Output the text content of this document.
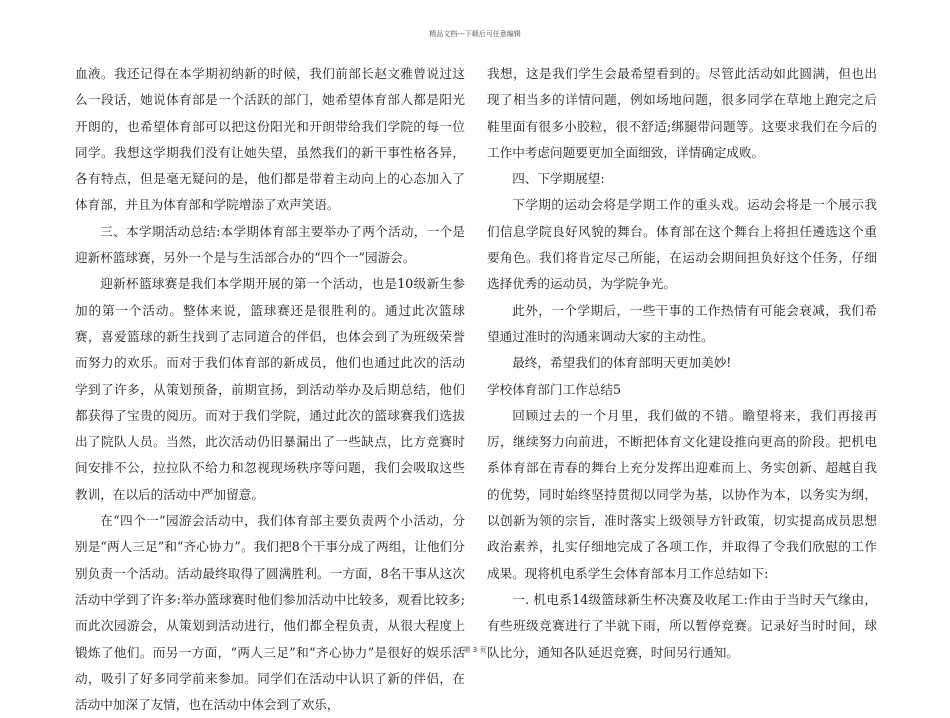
精品文档---下载后可任意编辑

血液。我还记得在本学期初纳新的时候，我们前部长赵文雅曾说过这么一段话，她说体育部是一个活跃的部门，她希望体育部人都是阳光开朗的，也希望体育部可以把这份阳光和开朗带给我们学院的每一位同学。我想这学期我们没有让她失望，虽然我们的新干事性格各异，各有特点，但是毫无疑问的是，他们都是带着主动向上的心态加入了体育部，并且为体育部和学院增添了欢声笑语。

三、本学期活动总结:本学期体育部主要举办了两个活动，一个是迎新杯篮球赛，另外一个是与生活部合办的“四个一”园游会。

迎新杯篮球赛是我们本学期开展的第一个活动，也是10级新生参加的第一个活动。整体来说，篮球赛还是很胜利的。通过此次篮球赛，喜爱篮球的新生找到了志同道合的伴侣，也体会到了为班级荣誉而努力的欢乐。而对于我们体育部的新成员，他们也通过此次的活动学到了许多，从策划预备，前期宣扬，到活动举办及后期总结，他们都获得了宝贵的阅历。而对于我们学院，通过此次的篮球赛我们选拔出了院队人员。当然，此次活动仍旧暴漏出了一些缺点，比方竞赛时间安排不公，拉拉队不给力和忽视现场秩序等问题，我们会吸取这些教训，在以后的活动中严加留意。

在“四个一”园游会活动中，我们体育部主要负责两个小活动，分别是“两人三足”和“齐心协力”。我们把8个干事分成了两组，让他们分别负责一个活动。活动最终取得了圆满胜利。一方面，8名干事从这次活动中学到了许多:举办篮球赛时他们参加活动中比较多，观看比较多;而此次园游会，从策划到活动进行，他们都全程负责，从很大程度上锻炼了他们。而另一方面，“两人三足”和“齐心协力”是很好的娱乐活动，吸引了好多同学前来参加。同学们在活动中认识了新的伴侣，在活动中加深了友情，也在活动中体会到了欢乐，

我想，这是我们学生会最希望看到的。尽管此活动如此圆满，但也出现了相当多的详情问题，例如场地问题，很多同学在草地上跑完之后鞋里面有很多小胶粒，很不舒适;绑腿带问题等。这要求我们在今后的工作中考虑问题要更加全面细致，详情确定成败。

四、下学期展望:

下学期的运动会将是学期工作的重头戏。运动会将是一个展示我们信息学院良好风貌的舞台。体育部在这个舞台上将担任遴选这个重要角色。我们将肯定尽己所能，在运动会期间担负好这个任务，仔细选择优秀的运动员，为学院争光。

此外，一个学期后，一些干事的工作热情有可能会衰减，我们希望通过准时的沟通来调动大家的主动性。

最终，希望我们的体育部明天更加美妙!

学校体育部门工作总结5

回顾过去的一个月里，我们做的不错。瞻望将来，我们再接再厉，继续努力向前进，不断把体育文化建设推向更高的阶段。把机电系体育部在青春的舞台上充分发挥出迎难而上、务实创新、超越自我的优势，同时始终坚持贯彻以同学为基，以协作为本，以务实为纲，以创新为领的宗旨，准时落实上级领导方针政策，切实提高成员思想政治素养，扎实仔细地完成了各项工作，并取得了令我们欣慰的工作成果。现将机电系学生会体育部本月工作总结如下:

一. 机电系14级篮球新生杯决赛及收尾工:作由于当时天气缘由，有些班级竞赛进行了半就下雨，所以暂停竞赛。记录好当时时间，球队比分，通知各队延迟竞赛，时间另行通知。

第 3 页
